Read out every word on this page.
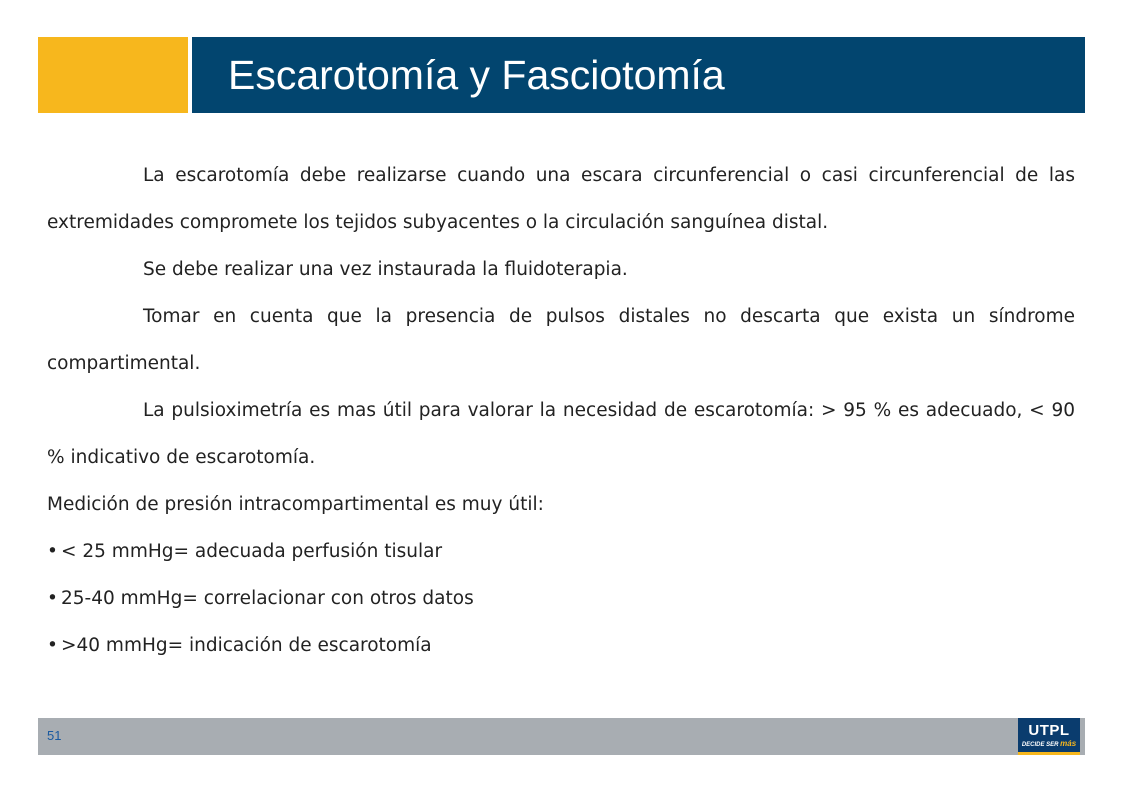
Escarotomía y Fasciotomía

La escarotomía debe realizarse cuando una escara circunferencial o casi circunferencial de las extremidades compromete los tejidos subyacentes o la circulación sanguínea distal.

Se debe realizar una vez instaurada la fluidoterapia.

Tomar en cuenta que la presencia de pulsos distales no descarta que exista un síndrome compartimental.

La pulsioximetría es mas útil para valorar la necesidad de escarotomía: > 95 % es adecuado, < 90 % indicativo de escarotomía.

Medición de presión intracompartimental es muy útil:

• < 25 mmHg= adecuada perfusión tisular
• 25-40 mmHg= correlacionar con otros datos
• >40 mmHg= indicación de escarotomía
51	UTPL
DECIDE SER más
